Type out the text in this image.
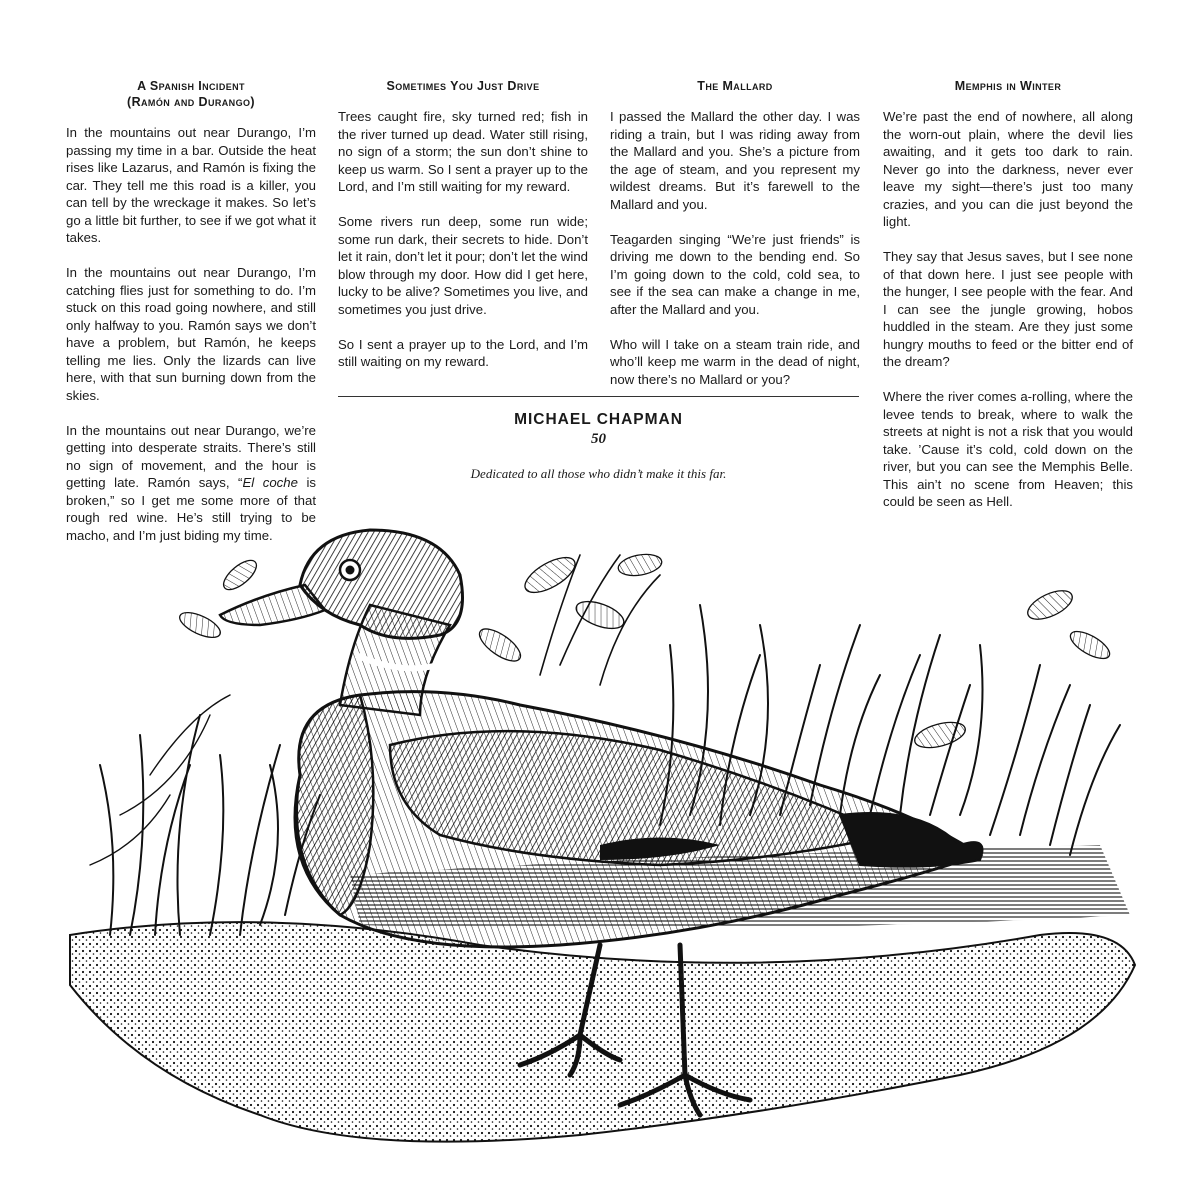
A Spanish Incident
(Ramón and Durango)

In the mountains out near Durango, I’m passing my time in a bar. Outside the heat rises like Lazarus, and Ramón is fixing the car. They tell me this road is a killer, you can tell by the wreckage it makes. So let’s go a little bit further, to see if we got what it takes.

In the mountains out near Durango, I’m catching flies just for something to do. I’m stuck on this road going nowhere, and still only halfway to you. Ramón says we don’t have a problem, but Ramón, he keeps telling me lies. Only the lizards can live here, with that sun burning down from the skies.

In the mountains out near Durango, we’re getting into desperate straits. There’s still no sign of movement, and the hour is getting late. Ramón says, “El coche is broken,” so I get me some more of that rough red wine. He’s still trying to be macho, and I’m just biding my time.

Sometimes You Just Drive

Trees caught fire, sky turned red; fish in the river turned up dead. Water still rising, no sign of a storm; the sun don’t shine to keep us warm. So I sent a prayer up to the Lord, and I’m still waiting for my reward.

Some rivers run deep, some run wide; some run dark, their secrets to hide. Don’t let it rain, don’t let it pour; don’t let the wind blow through my door. How did I get here, lucky to be alive? Sometimes you live, and sometimes you just drive.

So I sent a prayer up to the Lord, and I’m still waiting on my reward.

The Mallard

I passed the Mallard the other day. I was riding a train, but I was riding away from the Mallard and you. She’s a picture from the age of steam, and you represent my wildest dreams. But it’s farewell to the Mallard and you.

Teagarden singing “We’re just friends” is driving me down to the bending end. So I’m going down to the cold, cold sea, to see if the sea can make a change in me, after the Mallard and you.

Who will I take on a steam train ride, and who’ll keep me warm in the dead of night, now there’s no Mallard or you?

Memphis in Winter

We’re past the end of nowhere, all along the worn-out plain, where the devil lies awaiting, and it gets too dark to rain. Never go into the darkness, never ever leave my sight—there’s just too many crazies, and you can die just beyond the light.

They say that Jesus saves, but I see none of that down here. I just see people with the hunger, I see people with the fear. And I can see the jungle growing, hobos huddled in the steam. Are they just some hungry mouths to feed or the bitter end of the dream?

Where the river comes a-rolling, where the levee tends to break, where to walk the streets at night is not a risk that you would take. ’Cause it’s cold, cold down on the river, but you can see the Memphis Belle. This ain’t no scene from Heaven; this could be seen as Hell.

MICHAEL CHAPMAN

50

Dedicated to all those who didn’t make it this far.
